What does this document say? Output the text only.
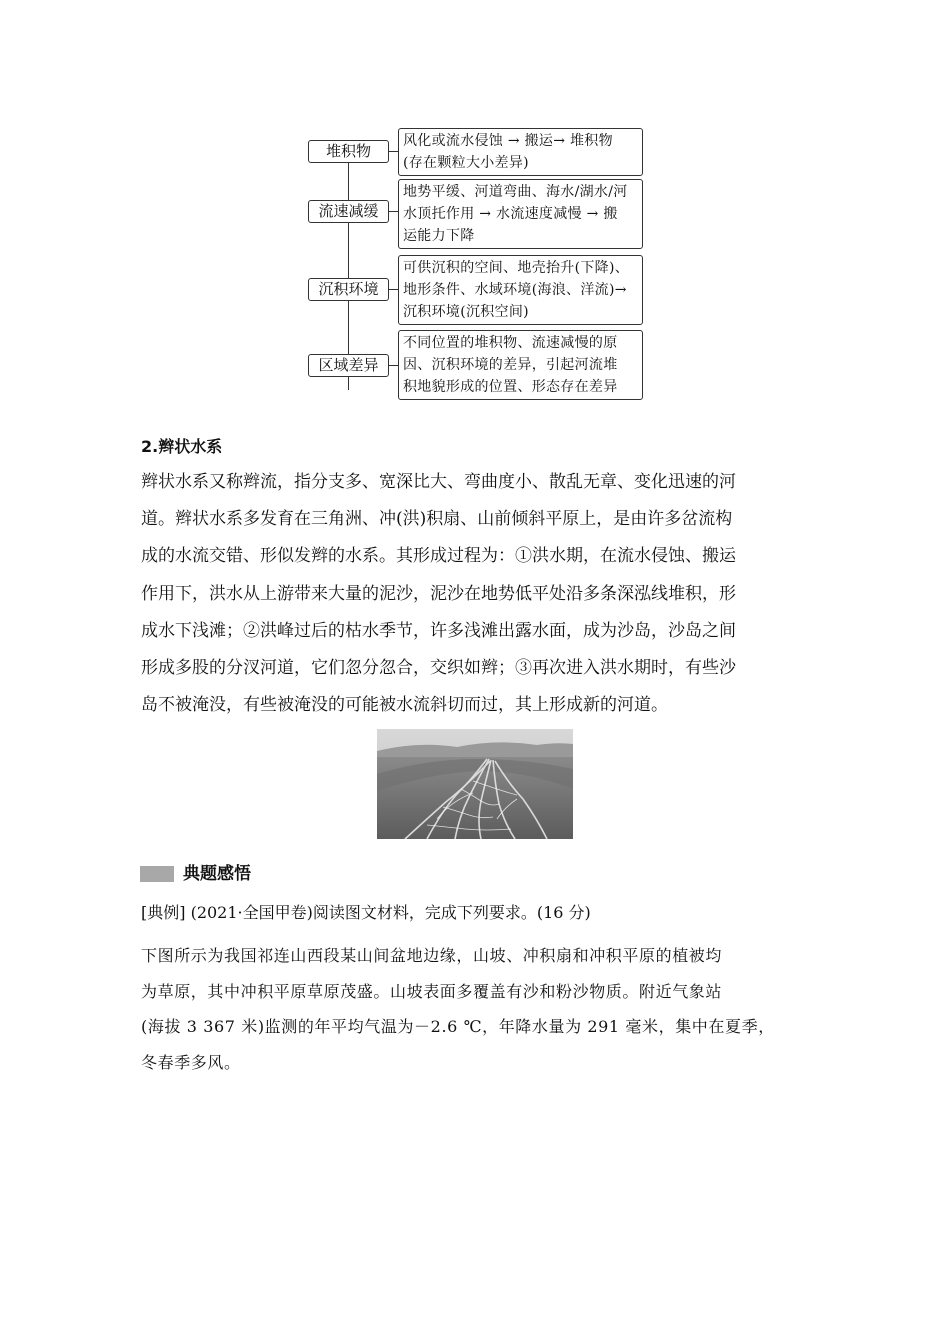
堆积物
风化或流水侵蚀 → 搬运→ 堆积物
(存在颗粒大小差异)
流速减缓
地势平缓、河道弯曲、海水/湖水/河
水顶托作用 → 水流速度减慢 → 搬
运能力下降
沉积环境
可供沉积的空间、地壳抬升(下降)、
地形条件、水域环境(海浪、洋流)→
沉积环境(沉积空间)
区域差异
不同位置的堆积物、流速减慢的原
因、沉积环境的差异，引起河流堆
积地貌形成的位置、形态存在差异
2.辫状水系
辫状水系又称辫流，指分支多、宽深比大、弯曲度小、散乱无章、变化迅速的河
道。辫状水系多发育在三角洲、冲(洪)积扇、山前倾斜平原上，是由许多岔流构
成的水流交错、形似发辫的水系。其形成过程为：①洪水期，在流水侵蚀、搬运
作用下，洪水从上游带来大量的泥沙，泥沙在地势低平处沿多条深泓线堆积，形
成水下浅滩；②洪峰过后的枯水季节，许多浅滩出露水面，成为沙岛，沙岛之间
形成多股的分汊河道，它们忽分忽合，交织如辫；③再次进入洪水期时，有些沙
岛不被淹没，有些被淹没的可能被水流斜切而过，其上形成新的河道。
典题感悟
[典例] (2021·全国甲卷)阅读图文材料，完成下列要求。(16 分)
下图所示为我国祁连山西段某山间盆地边缘，山坡、冲积扇和冲积平原的植被均
为草原，其中冲积平原草原茂盛。山坡表面多覆盖有沙和粉沙物质。附近气象站
(海拔 3 367 米)监测的年平均气温为－2.6 ℃，年降水量为 291 毫米，集中在夏季，
冬春季多风。
